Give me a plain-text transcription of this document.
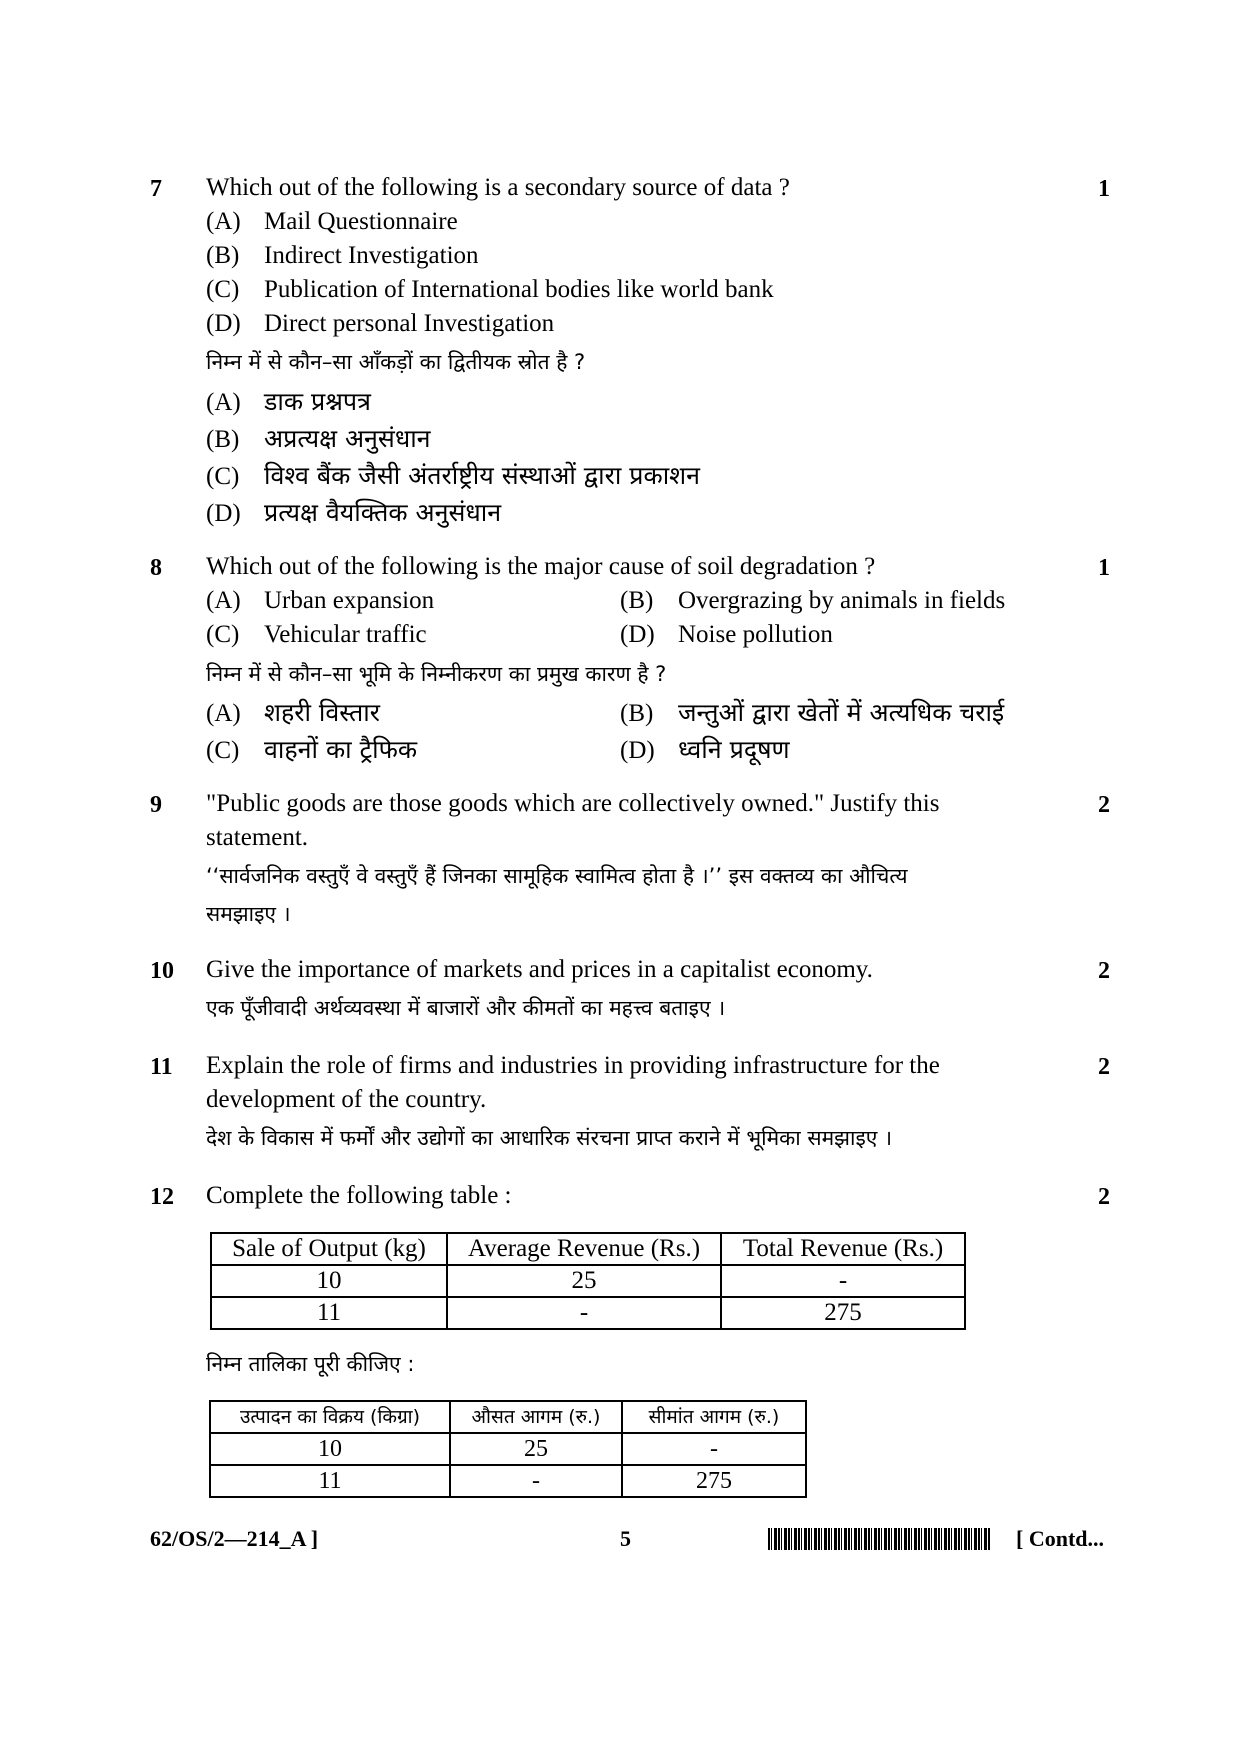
7	1
Which out of the following is a secondary source of data ?
(A) Mail Questionnaire
(B) Indirect Investigation
(C) Publication of International bodies like world bank
(D) Direct personal Investigation
निम्न में से कौन–सा आँकड़ों का द्वितीयक स्रोत है ?
(A) डाक प्रश्नपत्र
(B) अप्रत्यक्ष अनुसंधान
(C) विश्व बैंक जैसी अंतर्राष्ट्रीय संस्थाओं द्वारा प्रकाशन
(D) प्रत्यक्ष वैयक्तिक अनुसंधान
8	1
Which out of the following is the major cause of soil degradation ?
(A) Urban expansion	(B) Overgrazing by animals in fields
(C) Vehicular traffic	(D) Noise pollution
निम्न में से कौन–सा भूमि के निम्नीकरण का प्रमुख कारण है ?
(A) शहरी विस्तार	(B) जन्तुओं द्वारा खेतों में अत्यधिक चराई
(C) वाहनों का ट्रैफिक	(D) ध्वनि प्रदूषण
9	2
"Public goods are those goods which are collectively owned." Justify this
statement.
‘‘सार्वजनिक वस्तुएँ वे वस्तुएँ हैं जिनका सामूहिक स्वामित्व होता है ।’’ इस वक्तव्य का औचित्य
समझाइए ।
10	2
Give the importance of markets and prices in a capitalist economy.
एक पूँजीवादी अर्थव्यवस्था में बाजारों और कीमतों का महत्त्व बताइए ।
11	2
Explain the role of firms and industries in providing infrastructure for the
development of the country.
देश के विकास में फर्मों और उद्योगों का आधारिक संरचना प्राप्त कराने में भूमिका समझाइए ।
12	2
Complete the following table :
Sale of Output (kg)	Average Revenue (Rs.)	Total Revenue (Rs.)
10	25	-
11	-	275
निम्न तालिका पूरी कीजिए :
उत्पादन का विक्रय (किग्रा)	औसत आगम (रु.)	सीमांत आगम (रु.)
10	25	-
11	-	275
62/OS/2—214_A ]	5	[ Contd...
